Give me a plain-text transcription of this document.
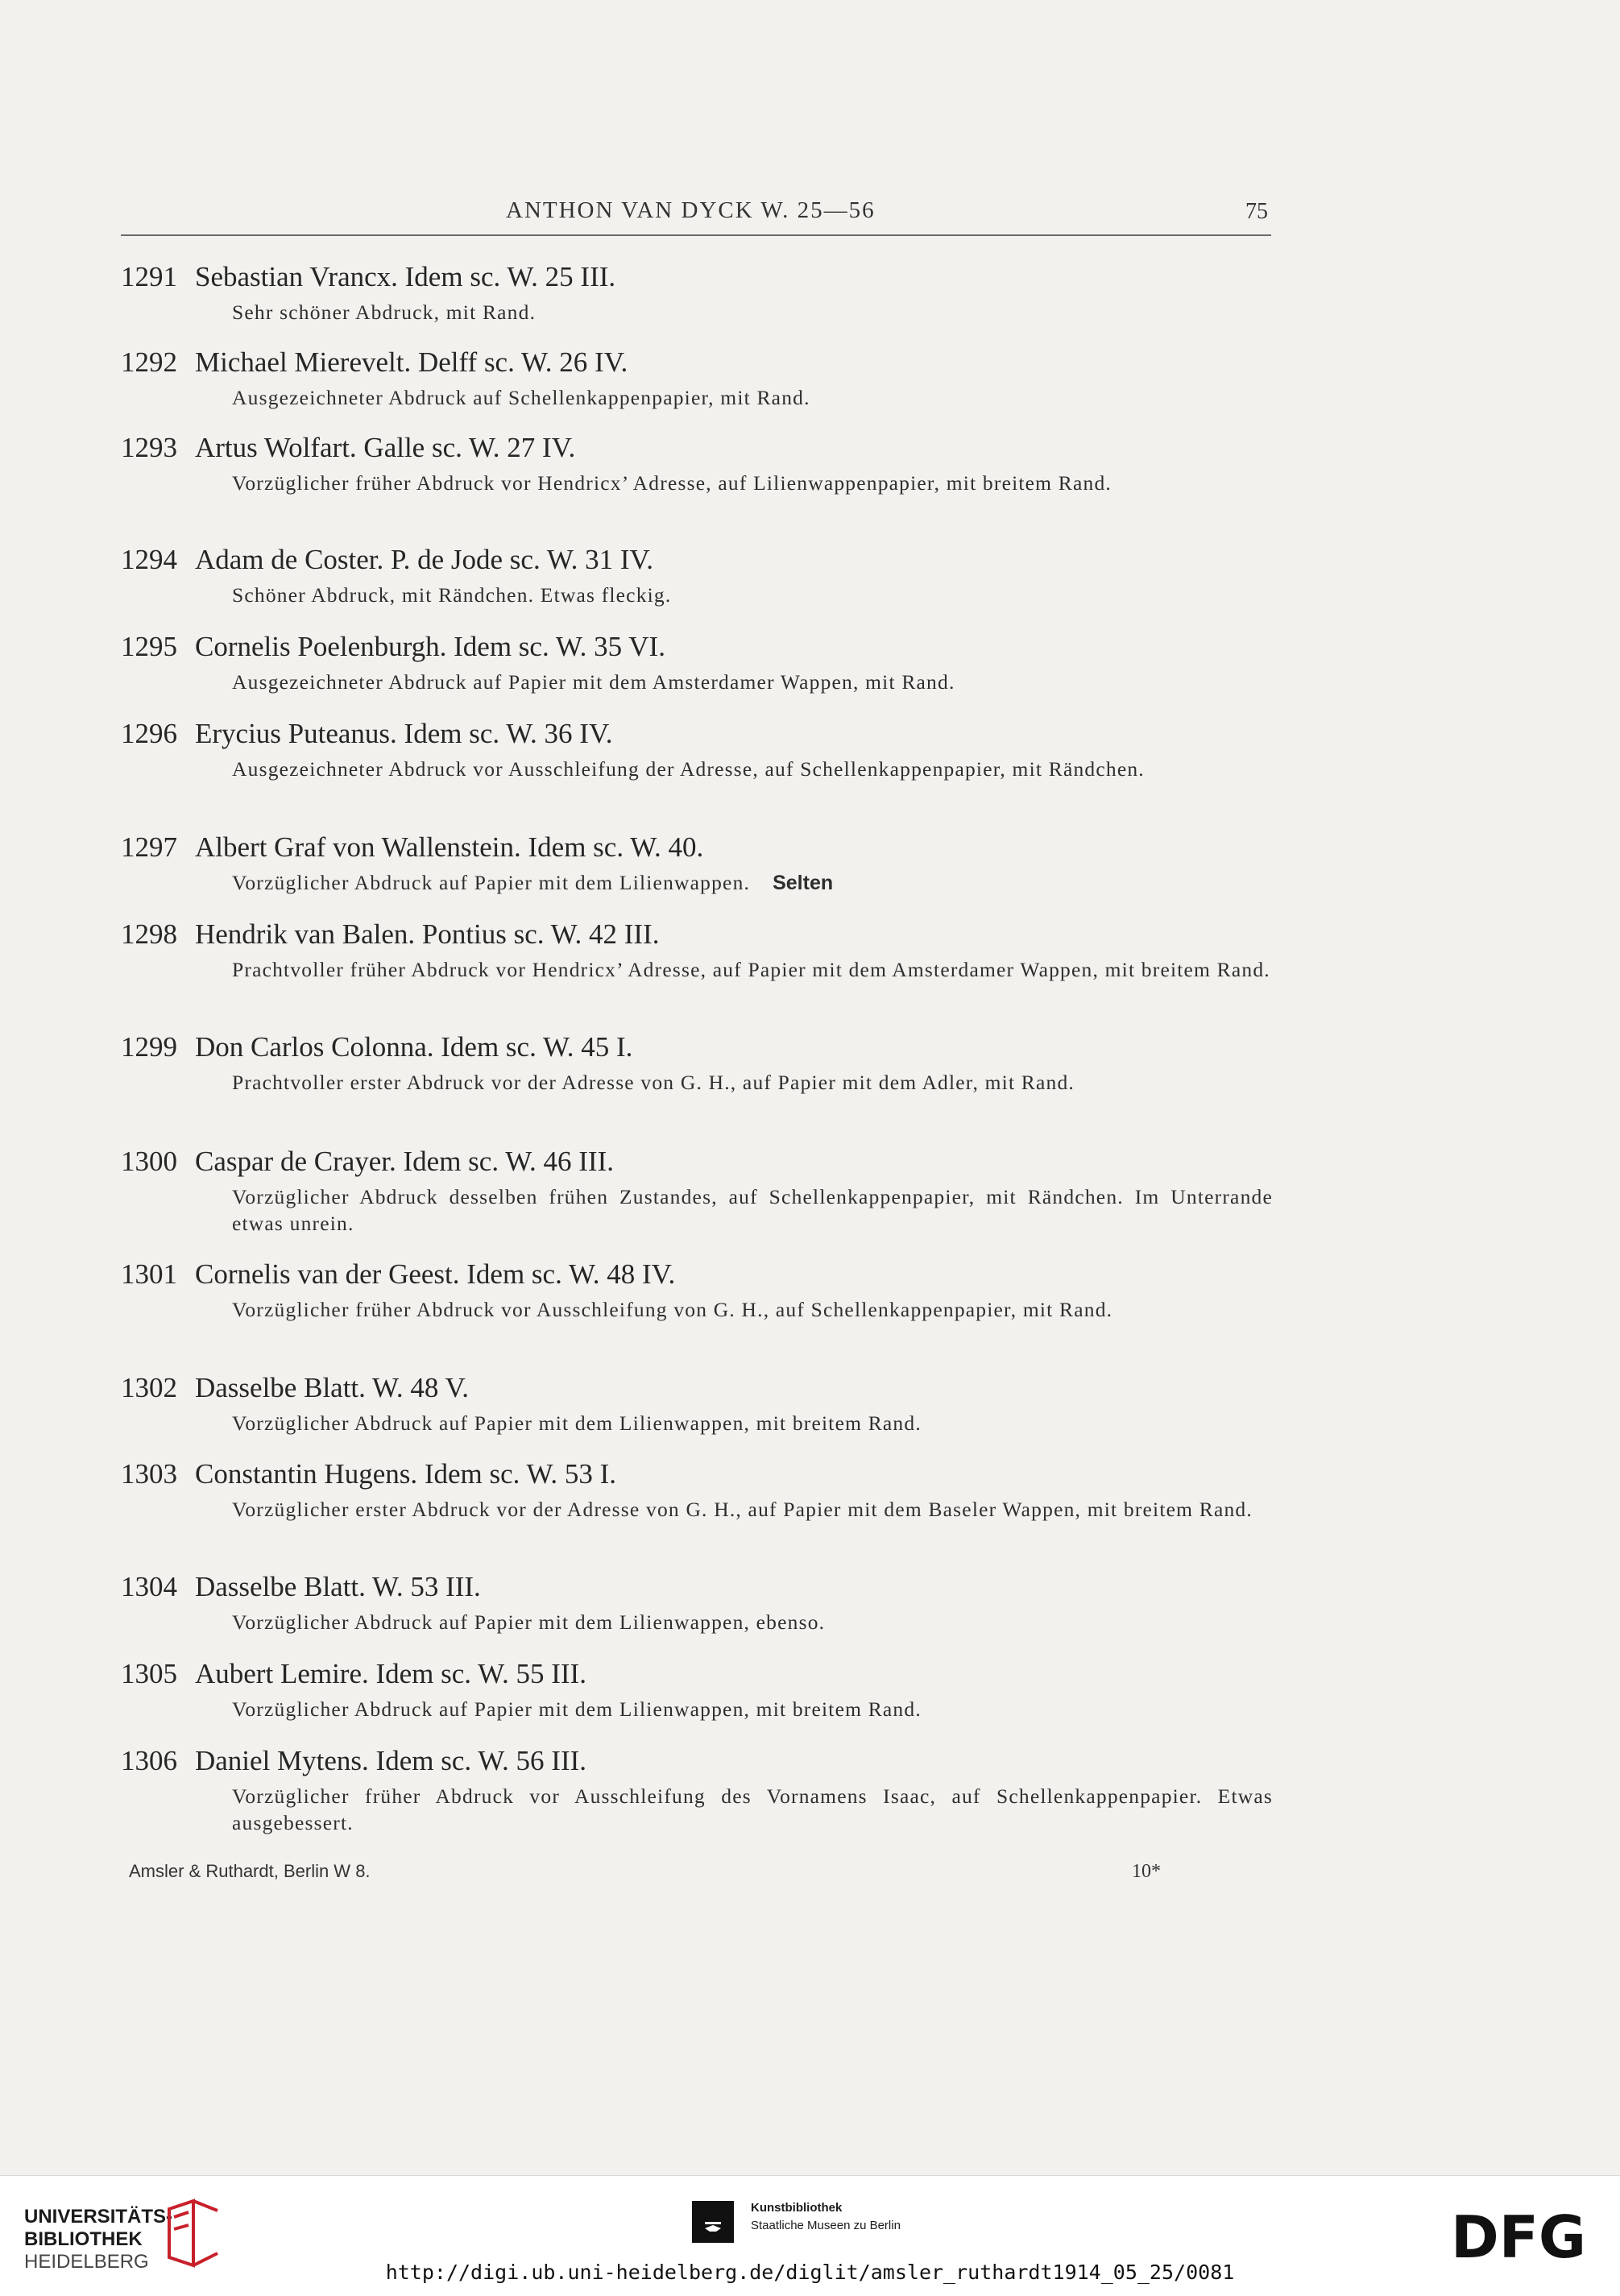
ANTHON VAN DYCK W. 25—56	75
1291 Sebastian Vrancx. Idem sc. W. 25 III.
Sehr schöner Abdruck, mit Rand.
1292 Michael Mierevelt. Delff sc. W. 26 IV.
Ausgezeichneter Abdruck auf Schellenkappenpapier, mit Rand.
1293 Artus Wolfart. Galle sc. W. 27 IV.
Vorzüglicher früher Abdruck vor Hendricx’ Adresse, auf Lilienwappenpapier, mit breitem Rand.
1294 Adam de Coster. P. de Jode sc. W. 31 IV.
Schöner Abdruck, mit Rändchen. Etwas fleckig.
1295 Cornelis Poelenburgh. Idem sc. W. 35 VI.
Ausgezeichneter Abdruck auf Papier mit dem Amsterdamer Wappen, mit Rand.
1296 Erycius Puteanus. Idem sc. W. 36 IV.
Ausgezeichneter Abdruck vor Ausschleifung der Adresse, auf Schellenkappenpapier, mit Rändchen.
1297 Albert Graf von Wallenstein. Idem sc. W. 40.
Vorzüglicher Abdruck auf Papier mit dem Lilienwappen. Selten
1298 Hendrik van Balen. Pontius sc. W. 42 III.
Prachtvoller früher Abdruck vor Hendricx’ Adresse, auf Papier mit dem Amsterdamer Wappen, mit breitem Rand.
1299 Don Carlos Colonna. Idem sc. W. 45 I.
Prachtvoller erster Abdruck vor der Adresse von G. H., auf Papier mit dem Adler, mit Rand.
1300 Caspar de Crayer. Idem sc. W. 46 III.
Vorzüglicher Abdruck desselben frühen Zustandes, auf Schellenkappenpapier, mit Rändchen. Im Unterrande etwas unrein.
1301 Cornelis van der Geest. Idem sc. W. 48 IV.
Vorzüglicher früher Abdruck vor Ausschleifung von G. H., auf Schellenkappenpapier, mit Rand.
1302 Dasselbe Blatt. W. 48 V.
Vorzüglicher Abdruck auf Papier mit dem Lilienwappen, mit breitem Rand.
1303 Constantin Hugens. Idem sc. W. 53 I.
Vorzüglicher erster Abdruck vor der Adresse von G. H., auf Papier mit dem Baseler Wappen, mit breitem Rand.
1304 Dasselbe Blatt. W. 53 III.
Vorzüglicher Abdruck auf Papier mit dem Lilienwappen, ebenso.
1305 Aubert Lemire. Idem sc. W. 55 III.
Vorzüglicher Abdruck auf Papier mit dem Lilienwappen, mit breitem Rand.
1306 Daniel Mytens. Idem sc. W. 56 III.
Vorzüglicher früher Abdruck vor Ausschleifung des Vornamens Isaac, auf Schellenkappenpapier. Etwas ausgebessert.
Amsler & Ruthardt, Berlin W 8.	10*
UNIVERSITÄTS-
BIBLIOTHEK
HEIDELBERG
Kunstbibliothek
Staatliche Museen zu Berlin	DFG
http://digi.ub.uni-heidelberg.de/diglit/amsler_ruthardt1914_05_25/0081
